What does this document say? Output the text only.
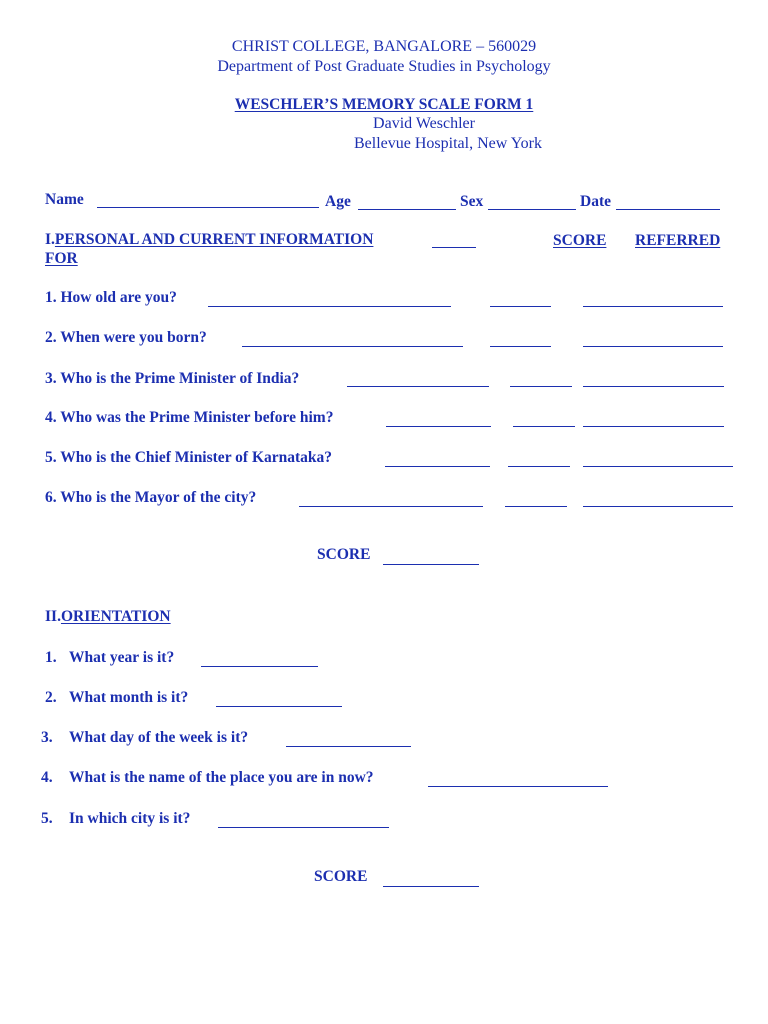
CHRIST COLLEGE, BANGALORE – 560029
Department of Post Graduate Studies in Psychology
WESCHLER’S MEMORY SCALE FORM 1
David Weschler
Bellevue Hospital, New York
Name	Age	Sex	Date
I.PERSONAL AND CURRENT INFORMATION
FOR
SCORE REFERRED
1. How old are you?
2. When were you born?
3. Who is the Prime Minister of India?
4. Who was the Prime Minister before him?
5. Who is the Chief Minister of Karnataka?
6. Who is the Mayor of the city?
SCORE
II.ORIENTATION
1. What year is it?
2. What month is it?
3. What day of the week is it?
4. What is the name of the place you are in now?
5. In which city is it?
SCORE
